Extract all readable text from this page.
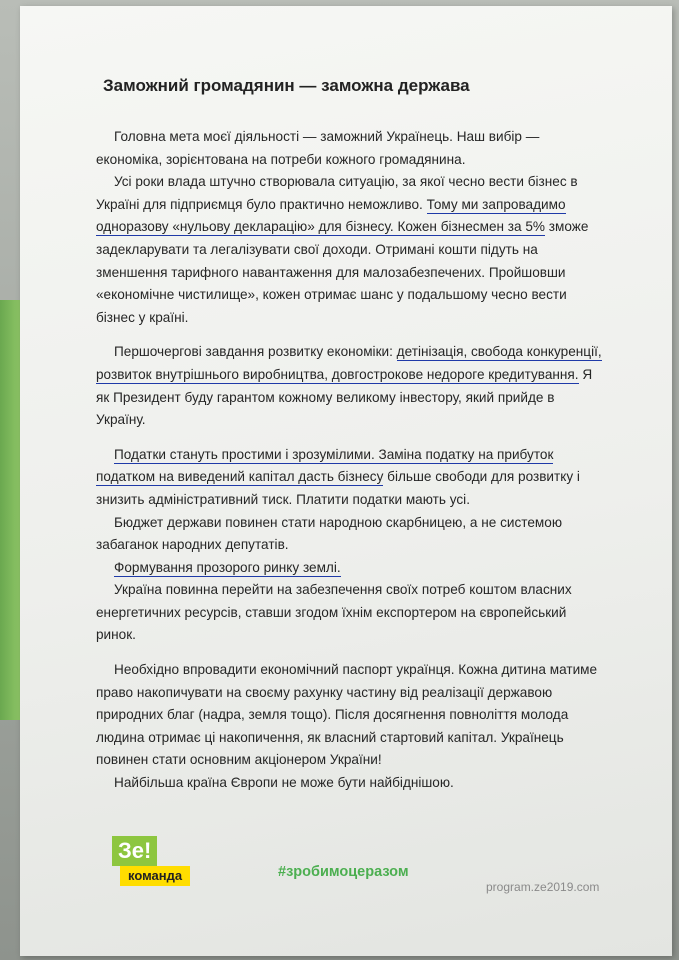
Заможний громадянин — заможна держава

Головна мета моєї діяльності — заможний Українець. Наш вибір — економіка, зорієнтована на потреби кожного громадянина.

Усі роки влада штучно створювала ситуацію, за якої чесно вести бізнес в Україні для підприємця було практично неможливо. Тому ми запровадимо одноразову «нульову декларацію» для бізнесу. Кожен бізнесмен за 5% зможе задекларувати та легалізувати свої доходи. Отримані кошти підуть на зменшення тарифного навантаження для малозабезпечених. Пройшовши «економічне чистилище», кожен отримає шанс у подальшому чесно вести бізнес у країні.

Першочергові завдання розвитку економіки: детінізація, свобода конкуренції, розвиток внутрішнього виробництва, довгострокове недороге кредитування. Я як Президент буду гарантом кожному великому інвестору, який прийде в Україну.

Податки стануть простими і зрозумілими. Заміна податку на прибуток податком на виведений капітал дасть бізнесу більше свободи для розвитку і знизить адміністративний тиск. Платити податки мають усі.

Бюджет держави повинен стати народною скарбницею, а не системою забаганок народних депутатів.

Формування прозорого ринку землі.

Україна повинна перейти на забезпечення своїх потреб коштом власних енергетичних ресурсів, ставши згодом їхнім експортером на європейський ринок.

Необхідно впровадити економічний паспорт українця. Кожна дитина матиме право накопичувати на своєму рахунку частину від реалізації державою природних благ (надра, земля тощо). Після досягнення повноліття молода людина отримає ці накопичення, як власний стартовий капітал. Українець повинен стати основним акціонером України!

Найбільша країна Європи не може бути найбіднішою.

Зе!
команда	#зробимоцеразом
program.ze2019.com
